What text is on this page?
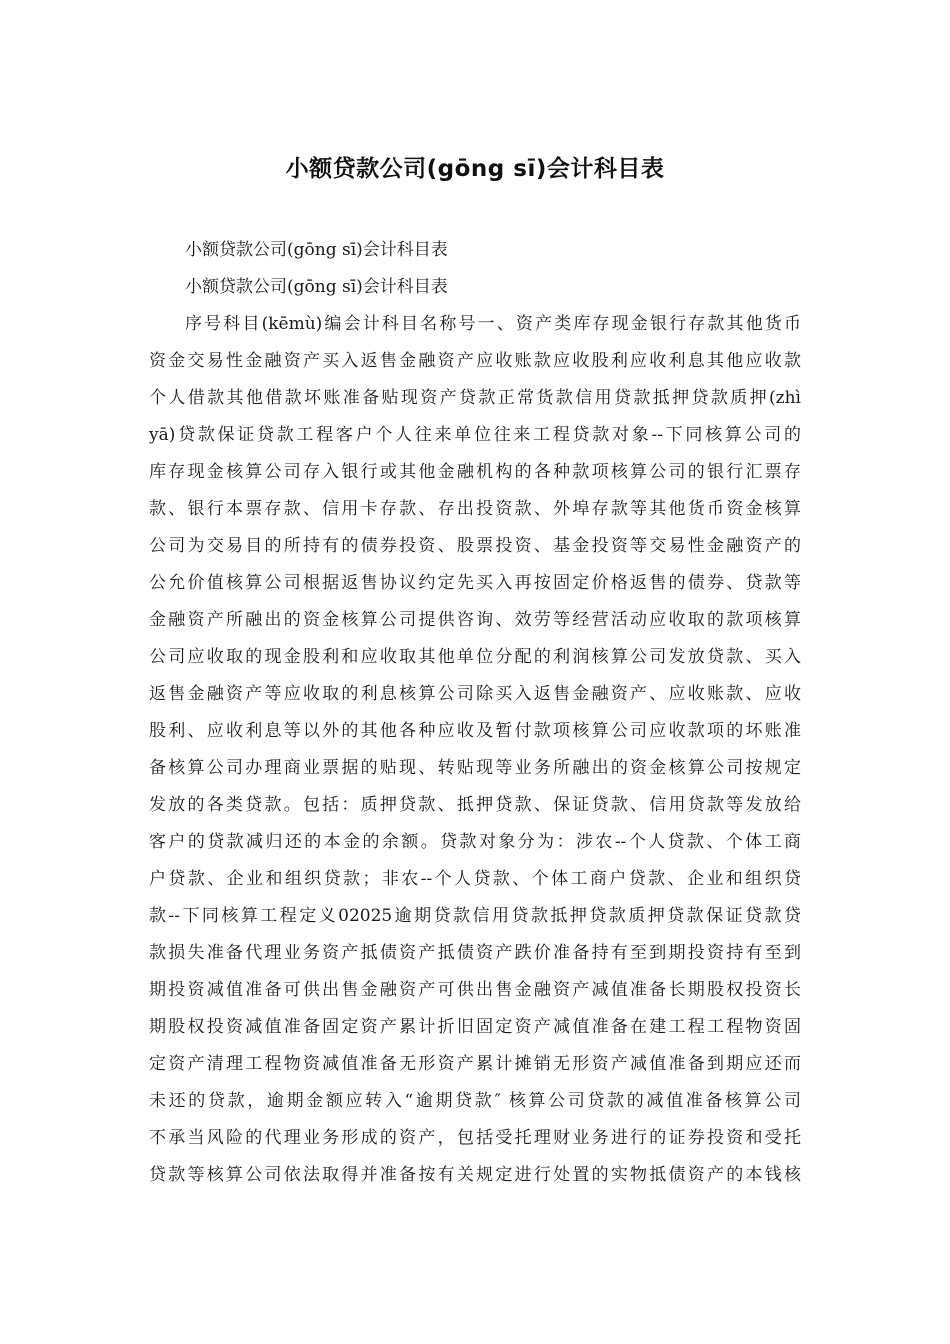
小额贷款公司(gōng sī)会计科目表
小额贷款公司(gōng sī)会计科目表
小额贷款公司(gōng sī)会计科目表
序号科目(kēmù)编会计科目名称号一、资产类库存现金银行存款其他货币
资金交易性金融资产买入返售金融资产应收账款应收股利应收利息其他应收款
个人借款其他借款坏账准备贴现资产贷款正常货款信用贷款抵押贷款质押(zhì
yā)贷款保证贷款工程客户个人往来单位往来工程贷款对象--下同核算公司的
库存现金核算公司存入银行或其他金融机构的各种款项核算公司的银行汇票存
款、银行本票存款、信用卡存款、存出投资款、外埠存款等其他货币资金核算
公司为交易目的所持有的债券投资、股票投资、基金投资等交易性金融资产的
公允价值核算公司根据返售协议约定先买入再按固定价格返售的债券、贷款等
金融资产所融出的资金核算公司提供咨询、效劳等经营活动应收取的款项核算
公司应收取的现金股利和应收取其他单位分配的利润核算公司发放贷款、买入
返售金融资产等应收取的利息核算公司除买入返售金融资产、应收账款、应收
股利、应收利息等以外的其他各种应收及暂付款项核算公司应收款项的坏账准
备核算公司办理商业票据的贴现、转贴现等业务所融出的资金核算公司按规定
发放的各类贷款。包括：质押贷款、抵押贷款、保证贷款、信用贷款等发放给
客户的贷款减归还的本金的余额。贷款对象分为：涉农--个人贷款、个体工商
户贷款、企业和组织贷款；非农--个人贷款、个体工商户贷款、企业和组织贷
款--下同核算工程定义02025逾期贷款信用贷款抵押贷款质押贷款保证贷款贷
款损失准备代理业务资产抵债资产抵债资产跌价准备持有至到期投资持有至到
期投资减值准备可供出售金融资产可供出售金融资产减值准备长期股权投资长
期股权投资减值准备固定资产累计折旧固定资产减值准备在建工程工程物资固
定资产清理工程物资减值准备无形资产累计摊销无形资产减值准备到期应还而
未还的贷款，逾期金额应转入“逾期贷款″ 核算公司贷款的减值准备核算公司
不承当风险的代理业务形成的资产，包括受托理财业务进行的证券投资和受托
贷款等核算公司依法取得并准备按有关规定进行处置的实物抵债资产的本钱核
